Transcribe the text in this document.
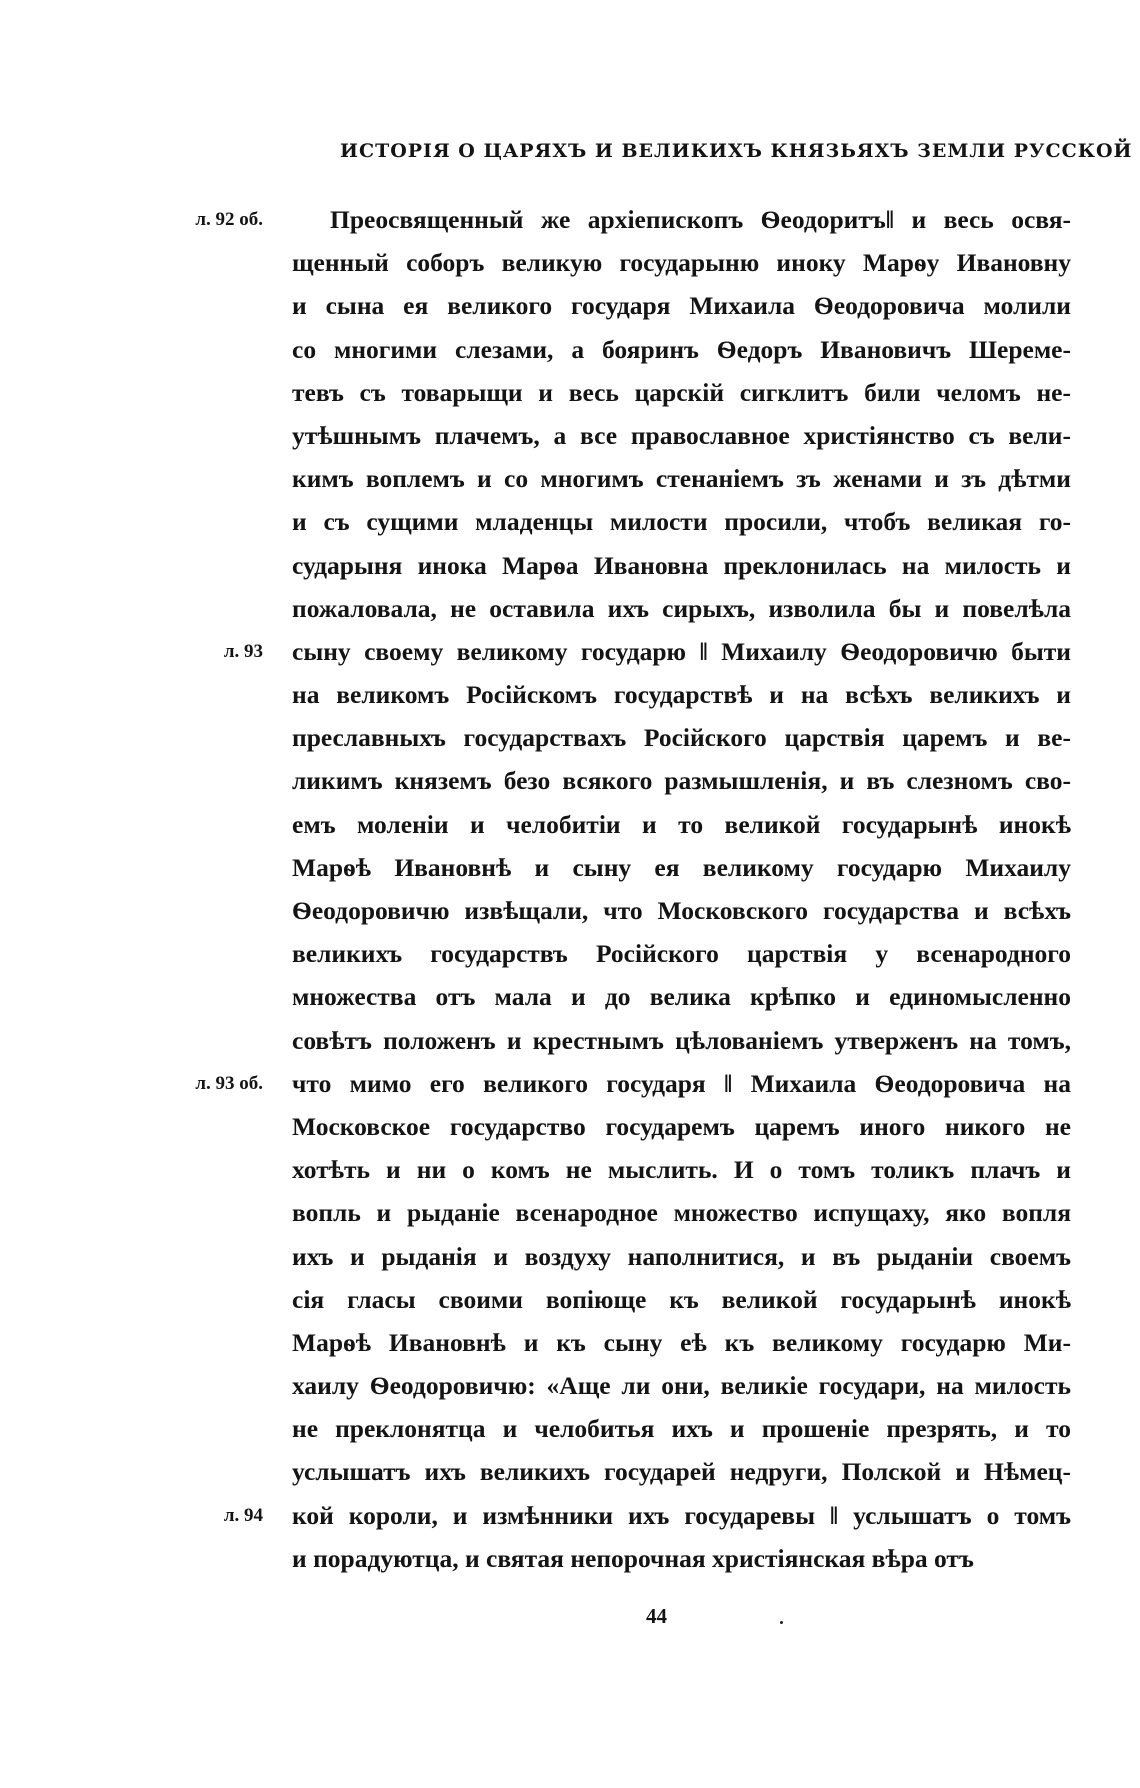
ИСТОРІЯ О ЦАРЯХЪ И ВЕЛИКИХЪ КНЯЗЬЯХЪ ЗЕМЛИ РУССКОЙ
Преосвященный же архіепископъ Ѳеодоритъ‖ и весь освя-
л. 92 об.
щенный соборъ великую государыню иноку Марѳу Ивановну
и сына ея великого государя Михаила Ѳеодоровича молили
со многими слезами, а бояринъ Ѳедоръ Ивановичъ Шереме-
тевъ съ товарыщи и весь царскій сигклитъ били челомъ не-
утѣшнымъ плачемъ, а все православное христіянство съ вели-
кимъ воплемъ и со многимъ стенаніемъ зъ женами и зъ дѣтми
и съ сущими младенцы милости просили, чтобъ великая го-
сударыня инока Марѳа Ивановна преклонилась на милость и
пожаловала, не оставила ихъ сирыхъ, изволила бы и повелѣла
сыну своему великому государю ‖ Михаилу Ѳеодоровичю быти
л. 93
на великомъ Російскомъ государствѣ и на всѣхъ великихъ и
преславныхъ государствахъ Російского царствія царемъ и ве-
ликимъ княземъ безо всякого размышленія, и въ слезномъ сво-
емъ моленіи и челобитіи и то великой государынѣ инокѣ
Марѳѣ Ивановнѣ и сыну ея великому государю Михаилу
Ѳеодоровичю извѣщали, что Московского государства и всѣхъ
великихъ государствъ Російского царствія у всенародного
множества отъ мала и до велика крѣпко и единомысленно
совѣтъ положенъ и крестнымъ цѣлованіемъ утверженъ на томъ,
что мимо его великого государя ‖ Михаила Ѳеодоровича на
л. 93 об.
Московское государство государемъ царемъ иного никого не
хотѣть и ни о комъ не мыслить. И о томъ толикъ плачъ и
вопль и рыданіе всенародное множество испущаху, яко вопля
ихъ и рыданія и воздуху наполнитися, и въ рыданіи своемъ
сія гласы своими вопіюще къ великой государынѣ инокѣ
Марѳѣ Ивановнѣ и къ сыну еѣ къ великому государю Ми-
хаилу Ѳеодоровичю: «Аще ли они, великіе государи, на милость
не преклонятца и челобитья ихъ и прошеніе презрять, и то
услышатъ ихъ великихъ государей недруги, Полской и Нѣмец-
кой короли, и измѣнники ихъ государевы ‖ услышатъ о томъ
л. 94
и порадуютца, и святая непорочная христіянская вѣра отъ
44
